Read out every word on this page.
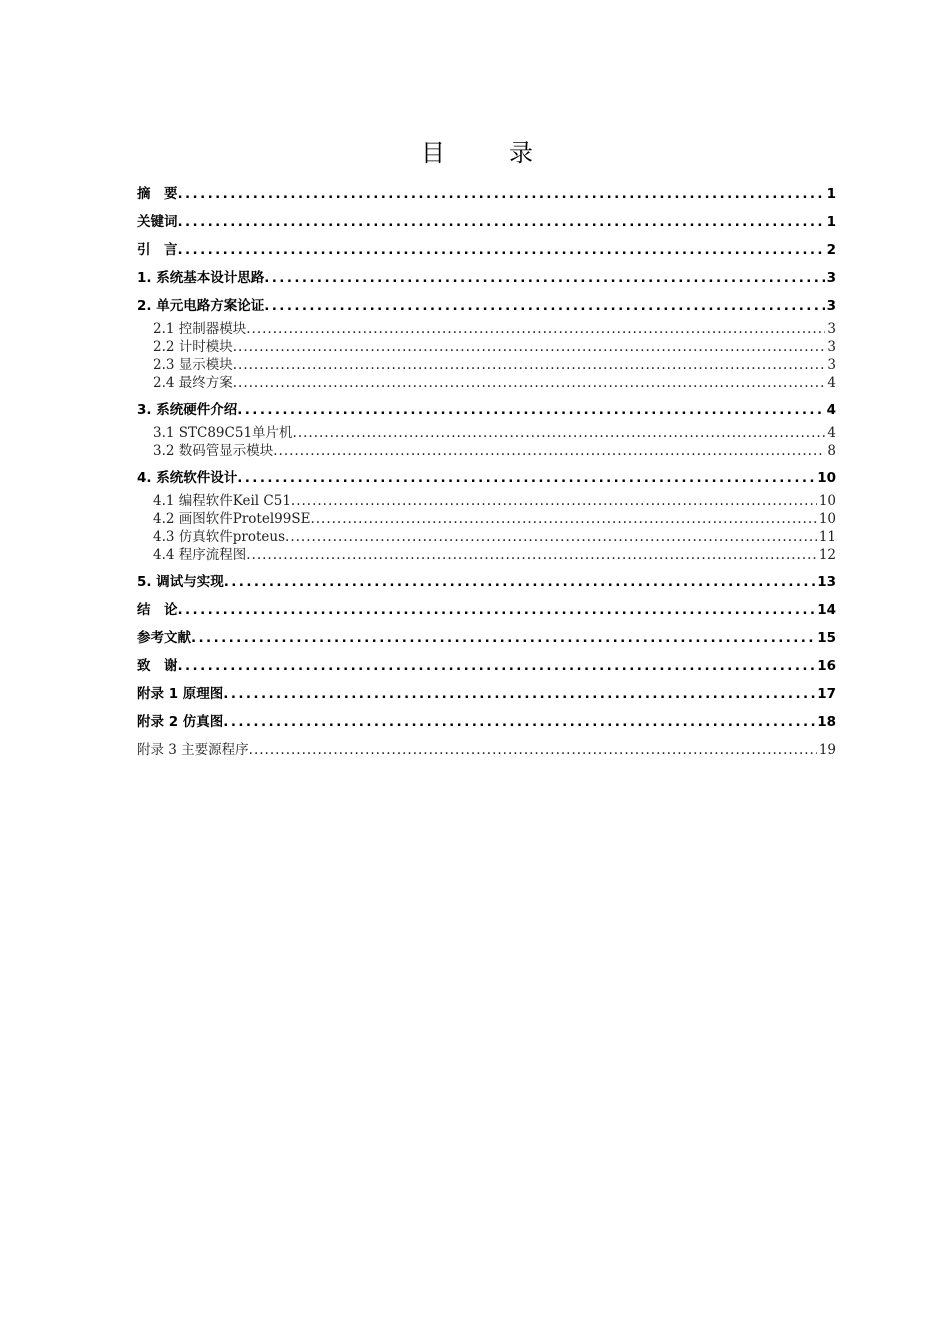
目　录
摘　要 .....	1
关键词 .....	1
引　言 .....	2
1. 系统基本设计思路 .....	3
2. 单元电路方案论证 .....	3
2.1 控制器模块 .....	3
2.2 计时模块 .....	3
2.3 显示模块 .....	3
2.4 最终方案 .....	4
3. 系统硬件介绍 .....	4
3.1 STC89C51单片机 .....	4
3.2 数码管显示模块 .....	8
4. 系统软件设计 .....	10
4.1 编程软件Keil C51 .....	10
4.2 画图软件Protel99SE .....	10
4.3 仿真软件proteus .....	11
4.4 程序流程图 .....	12
5. 调试与实现 .....	13
结　论 .....	14
参考文献 .....	15
致　谢 .....	16
附录 1 原理图 .....	17
附录 2 仿真图 .....	18
附录 3 主要源程序 .....	19
